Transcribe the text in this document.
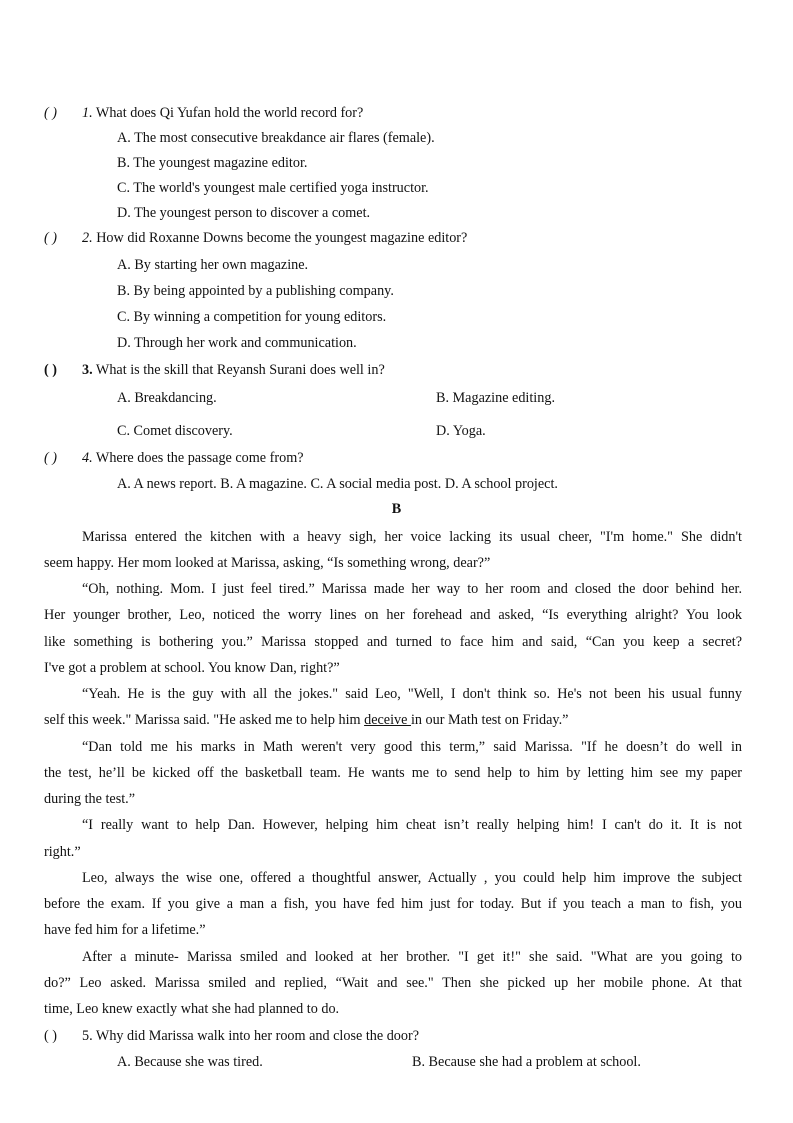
( ) 1. What does Qi Yufan hold the world record for?
A. The most consecutive breakdance air flares (female).
B. The youngest magazine editor.
C. The world's youngest male certified yoga instructor.
D. The youngest person to discover a comet.
( ) 2. How did Roxanne Downs become the youngest magazine editor?
A. By starting her own magazine.
B. By being appointed by a publishing company.
C. By winning a competition for young editors.
D. Through her work and communication.
( ) 3. What is the skill that Reyansh Surani does well in?
A. Breakdancing.	B. Magazine editing.
C. Comet discovery.	D. Yoga.
( ) 4. Where does the passage come from?
A. A news report. B. A magazine. C. A social media post. D. A school project.
B
Marissa entered the kitchen with a heavy sigh, her voice lacking its usual cheer, "I'm home." She didn't
seem happy. Her mom looked at Marissa, asking, “Is something wrong, dear?”
“Oh, nothing. Mom. I just feel tired.” Marissa made her way to her room and closed the door behind her.
Her younger brother, Leo, noticed the worry lines on her forehead and asked, “Is everything alright? You look
like something is bothering you.” Marissa stopped and turned to face him and said, “Can you keep a secret?
I've got a problem at school. You know Dan, right?”
“Yeah. He is the guy with all the jokes." said Leo, "Well, I don't think so. He's not been his usual funny
self this week." Marissa said. "He asked me to help him deceive in our Math test on Friday.”
“Dan told me his marks in Math weren't very good this term,” said Marissa. "If he doesn’t do well in
the test, he’ll be kicked off the basketball team. He wants me to send help to him by letting him see my paper
during the test.”
“I really want to help Dan. However, helping him cheat isn’t really helping him! I can't do it. It is not
right.”
Leo, always the wise one, offered a thoughtful answer, Actually , you could help him improve the subject
before the exam. If you give a man a fish, you have fed him just for today. But if you teach a man to fish, you
have fed him for a lifetime.”
After a minute- Marissa smiled and looked at her brother. "I get it!" she said. "What are you going to
do?” Leo asked. Marissa smiled and replied, “Wait and see." Then she picked up her mobile phone. At that
time, Leo knew exactly what she had planned to do.
( ) 5. Why did Marissa walk into her room and close the door?
A. Because she was tired.	B. Because she had a problem at school.
